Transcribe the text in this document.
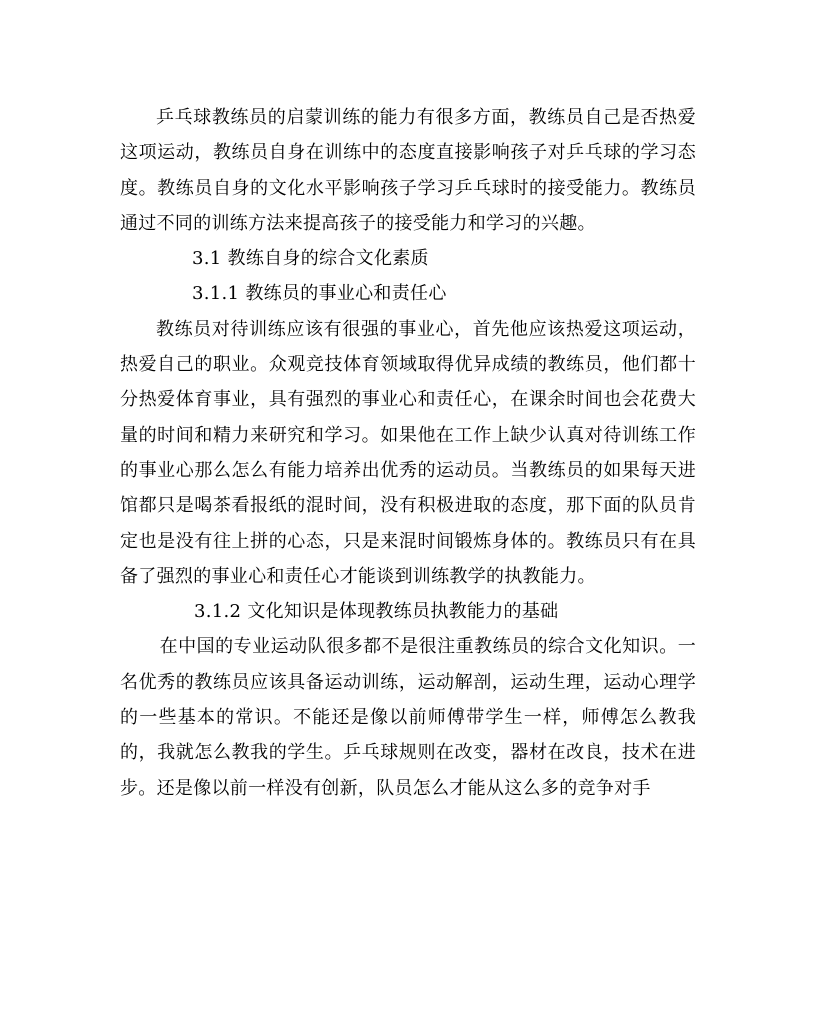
乒乓球教练员的启蒙训练的能力有很多方面，教练员自己是否热爱这项运动，教练员自身在训练中的态度直接影响孩子对乒乓球的学习态度。教练员自身的文化水平影响孩子学习乒乓球时的接受能力。教练员通过不同的训练方法来提高孩子的接受能力和学习的兴趣。

3.1 教练自身的综合文化素质

3.1.1 教练员的事业心和责任心

教练员对待训练应该有很强的事业心，首先他应该热爱这项运动，热爱自己的职业。众观竞技体育领域取得优异成绩的教练员，他们都十分热爱体育事业，具有强烈的事业心和责任心，在课余时间也会花费大量的时间和精力来研究和学习。如果他在工作上缺少认真对待训练工作的事业心那么怎么有能力培养出优秀的运动员。当教练员的如果每天进馆都只是喝茶看报纸的混时间，没有积极进取的态度，那下面的队员肯定也是没有往上拼的心态，只是来混时间锻炼身体的。教练员只有在具备了强烈的事业心和责任心才能谈到训练教学的执教能力。

3.1.2 文化知识是体现教练员执教能力的基础

在中国的专业运动队很多都不是很注重教练员的综合文化知识。一名优秀的教练员应该具备运动训练，运动解剖，运动生理，运动心理学的一些基本的常识。不能还是像以前师傅带学生一样，师傅怎么教我的，我就怎么教我的学生。乒乓球规则在改变，器材在改良，技术在进步。还是像以前一样没有创新，队员怎么才能从这么多的竞争对手
